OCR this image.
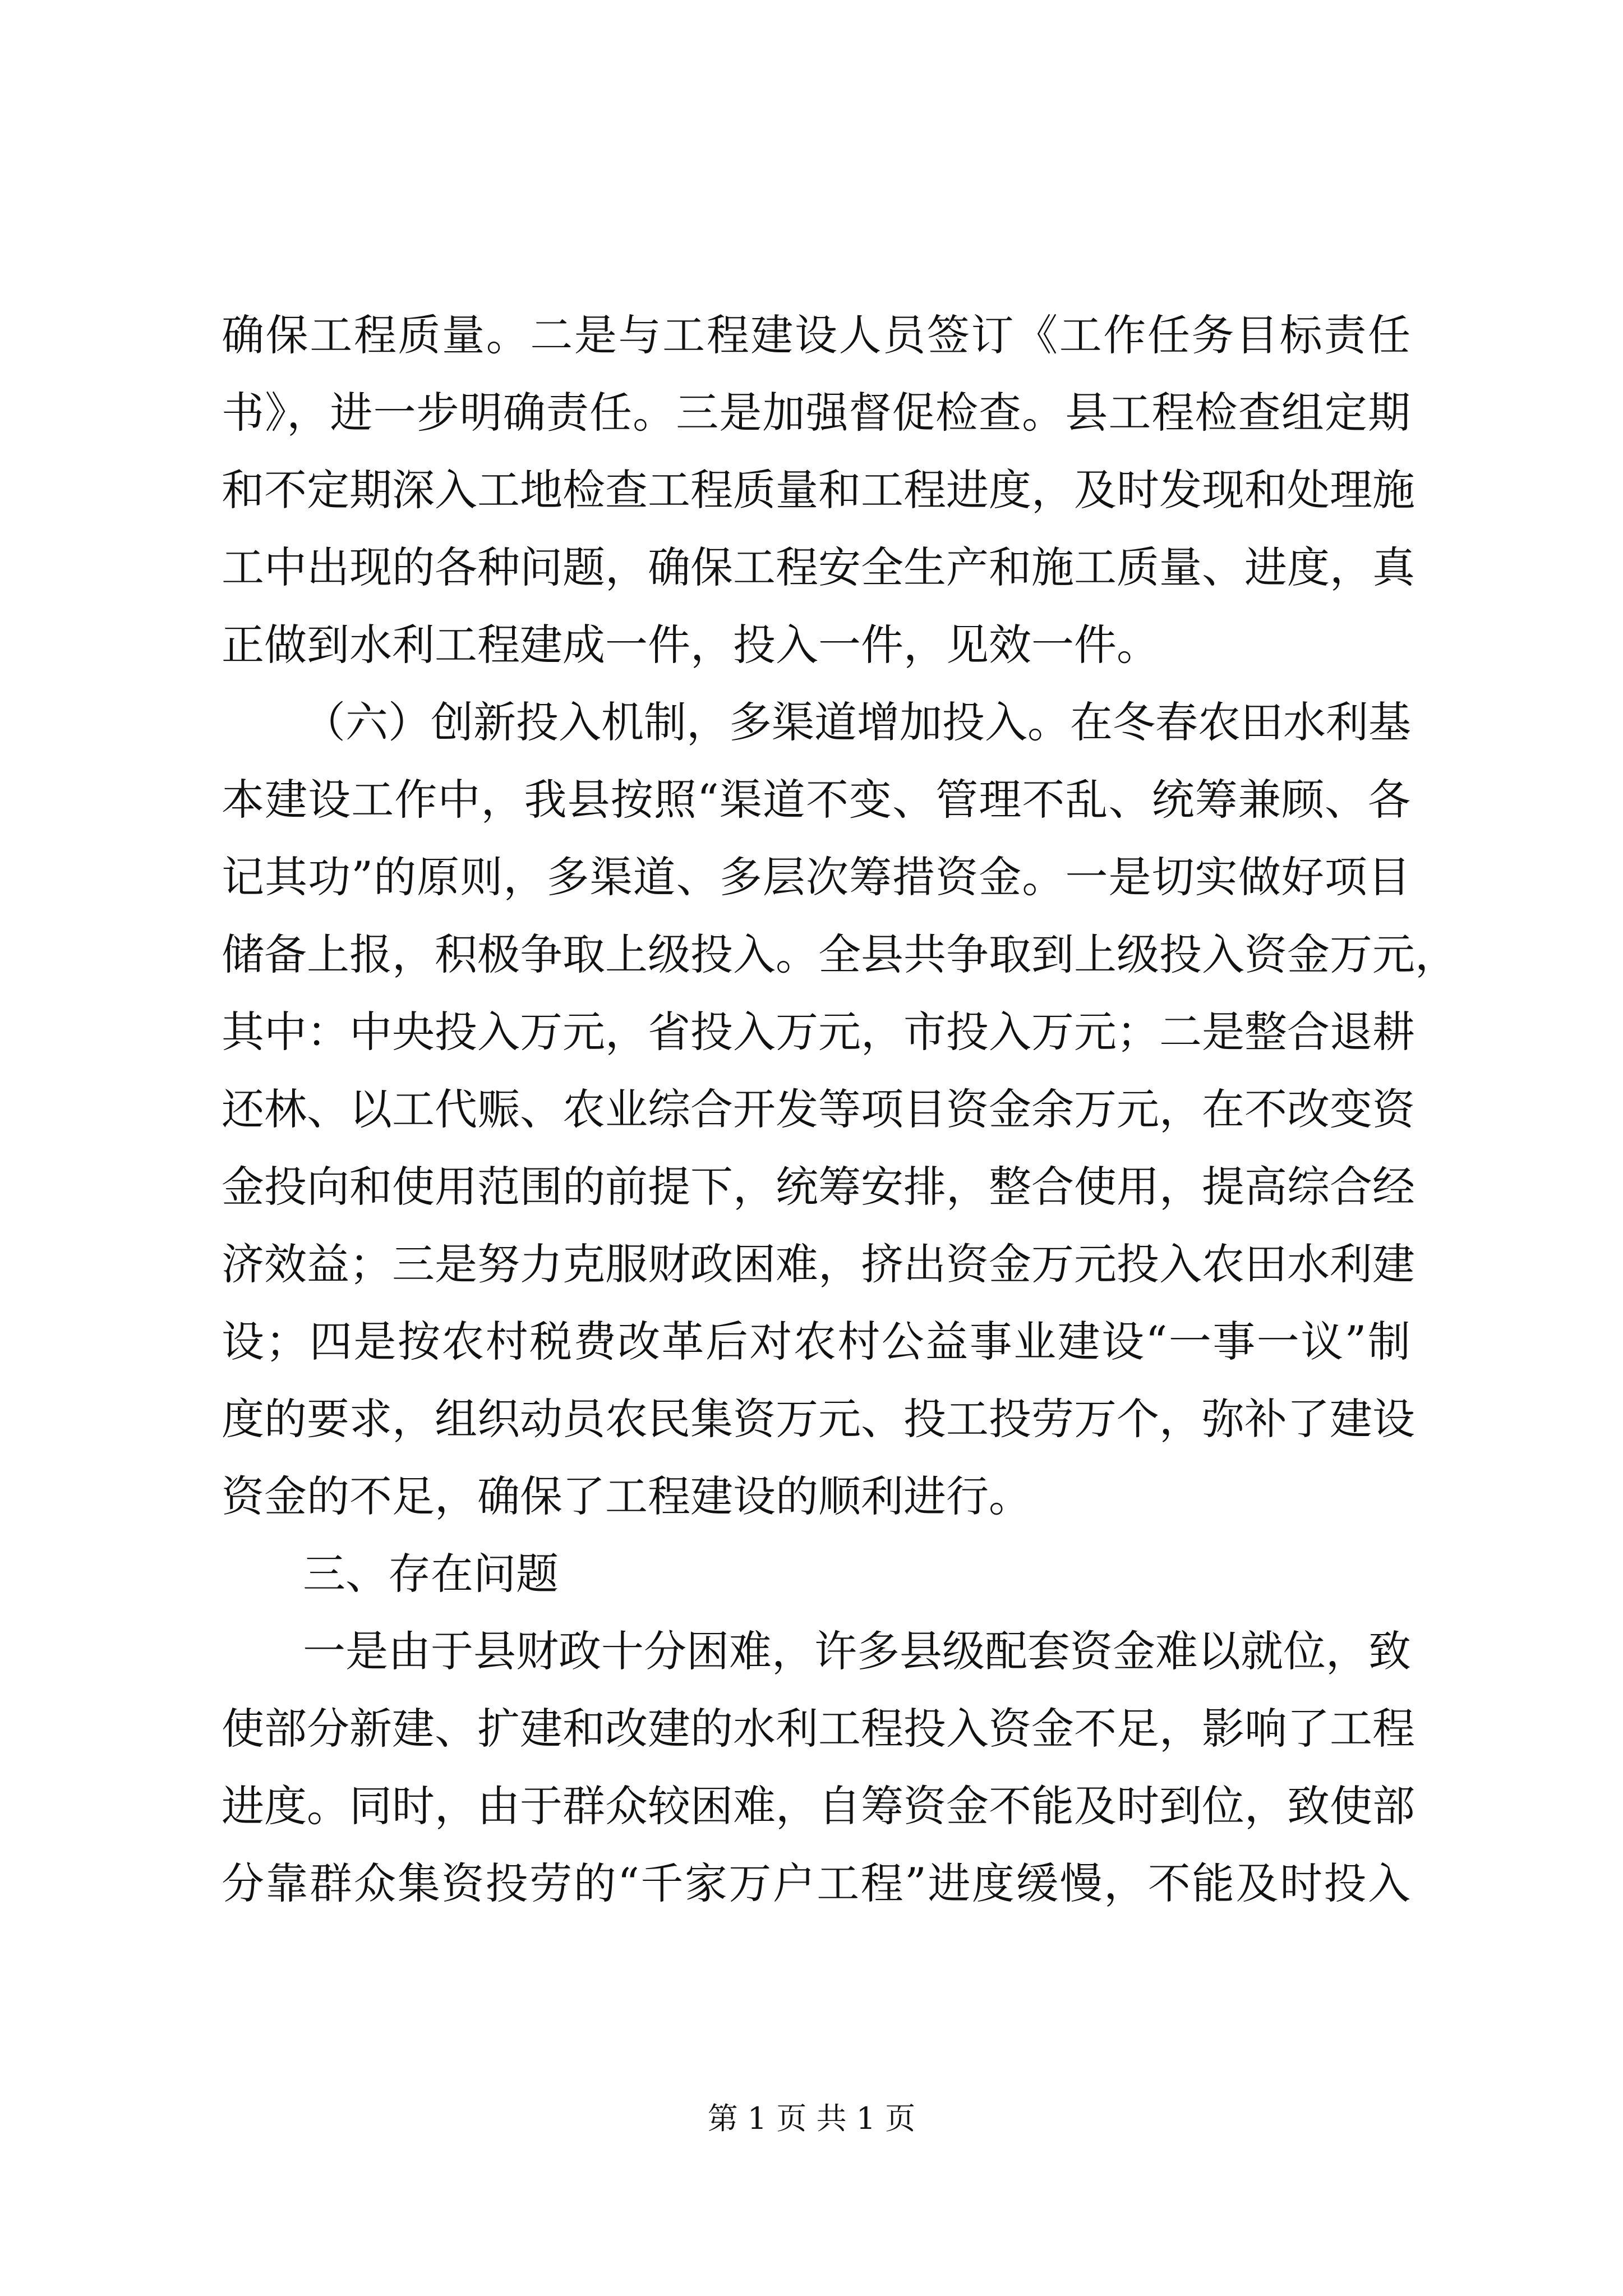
确保工程质量。二是与工程建设人员签订《工作任务目标责任
书》，进一步明确责任。三是加强督促检查。县工程检查组定期
和不定期深入工地检查工程质量和工程进度，及时发现和处理施
工中出现的各种问题，确保工程安全生产和施工质量、进度，真
正做到水利工程建成一件，投入一件，见效一件。
（六）创新投入机制，多渠道增加投入。在冬春农田水利基
本建设工作中，我县按照“渠道不变、管理不乱、统筹兼顾、各
记其功”的原则，多渠道、多层次筹措资金。一是切实做好项目
储备上报，积极争取上级投入。全县共争取到上级投入资金万元，
其中：中央投入万元，省投入万元，市投入万元；二是整合退耕
还林、以工代赈、农业综合开发等项目资金余万元，在不改变资
金投向和使用范围的前提下，统筹安排，整合使用，提高综合经
济效益；三是努力克服财政困难，挤出资金万元投入农田水利建
设；四是按农村税费改革后对农村公益事业建设“一事一议”制
度的要求，组织动员农民集资万元、投工投劳万个，弥补了建设
资金的不足，确保了工程建设的顺利进行。
三、存在问题
一是由于县财政十分困难，许多县级配套资金难以就位，致
使部分新建、扩建和改建的水利工程投入资金不足，影响了工程
进度。同时，由于群众较困难，自筹资金不能及时到位，致使部
分靠群众集资投劳的“千家万户工程”进度缓慢，不能及时投入
第 1 页 共 1 页
